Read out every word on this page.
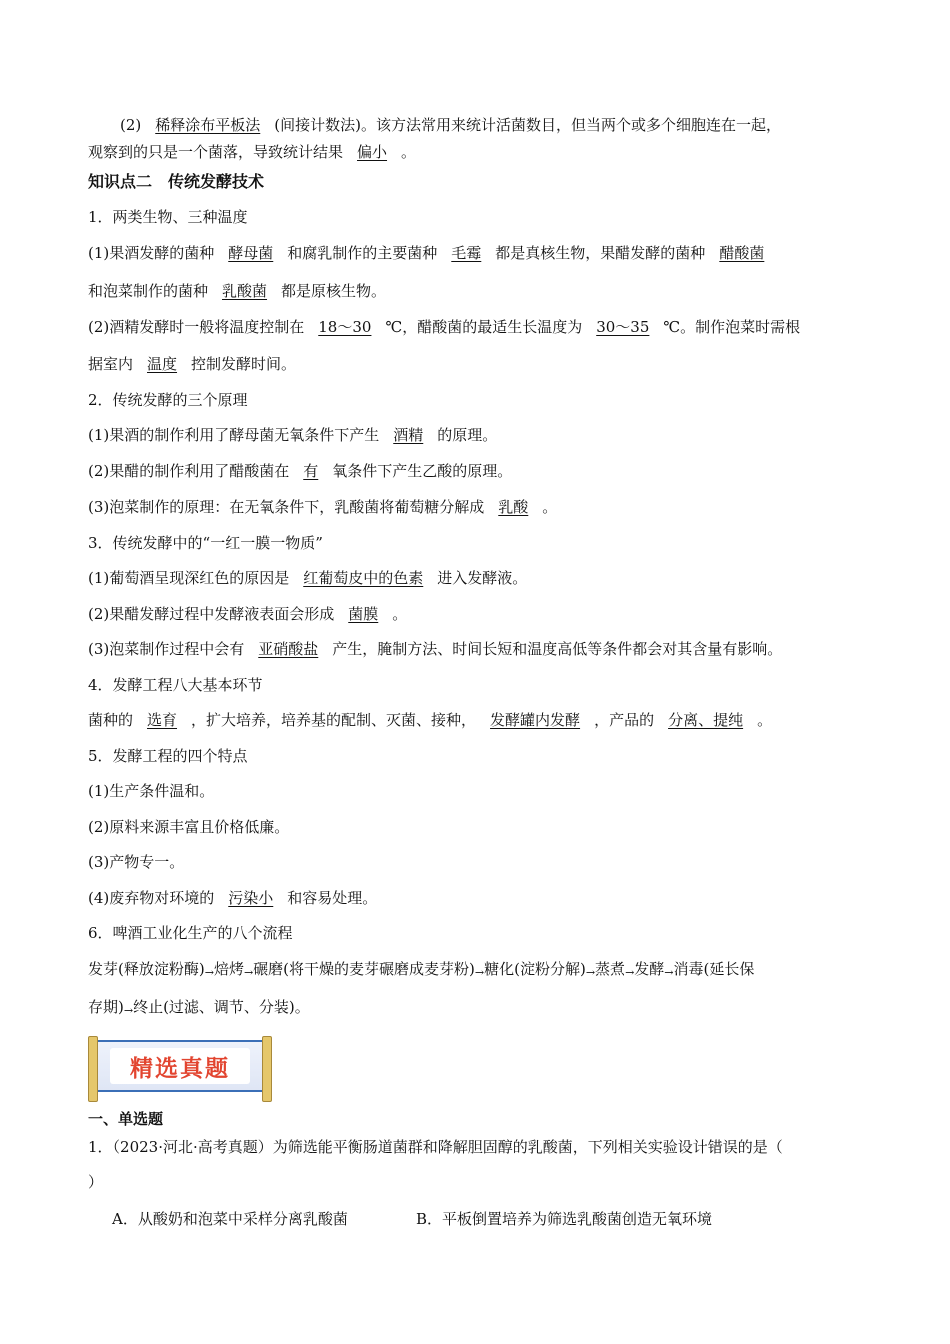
(2) 稀释涂布平板法 (间接计数法)。该方法常用来统计活菌数目，但当两个或多个细胞连在一起，
观察到的只是一个菌落，导致统计结果 偏小 。
知识点二　传统发酵技术
1．两类生物、三种温度
(1)果酒发酵的菌种 酵母菌 和腐乳制作的主要菌种 毛霉 都是真核生物，果醋发酵的菌种 醋酸菌
和泡菜制作的菌种 乳酸菌 都是原核生物。
(2)酒精发酵时一般将温度控制在 18～30 ℃，醋酸菌的最适生长温度为 30～35 ℃。制作泡菜时需根
据室内 温度 控制发酵时间。
2．传统发酵的三个原理
(1)果酒的制作利用了酵母菌无氧条件下产生 酒精 的原理。
(2)果醋的制作利用了醋酸菌在 有 氧条件下产生乙酸的原理。
(3)泡菜制作的原理：在无氧条件下，乳酸菌将葡萄糖分解成 乳酸 。
3．传统发酵中的“一红一膜一物质”
(1)葡萄酒呈现深红色的原因是 红葡萄皮中的色素 进入发酵液。
(2)果醋发酵过程中发酵液表面会形成 菌膜 。
(3)泡菜制作过程中会有 亚硝酸盐 产生，腌制方法、时间长短和温度高低等条件都会对其含量有影响。
4．发酵工程八大基本环节
菌种的 选育 ，扩大培养，培养基的配制、灭菌、接种， 发酵罐内发酵 ，产品的 分离、提纯 。
5．发酵工程的四个特点
(1)生产条件温和。
(2)原料来源丰富且价格低廉。
(3)产物专一。
(4)废弃物对环境的 污染小 和容易处理。
6．啤酒工业化生产的八个流程
发芽(释放淀粉酶)→焙烤→碾磨(将干燥的麦芽碾磨成麦芽粉)→糖化(淀粉分解)→蒸煮→发酵→消毒(延长保
存期)→终止(过滤、调节、分装)。
精选真题
一、单选题
1．（2023·河北·高考真题）为筛选能平衡肠道菌群和降解胆固醇的乳酸菌，下列相关实验设计错误的是（
）
A．从酸奶和泡菜中采样分离乳酸菌	B．平板倒置培养为筛选乳酸菌创造无氧环境
